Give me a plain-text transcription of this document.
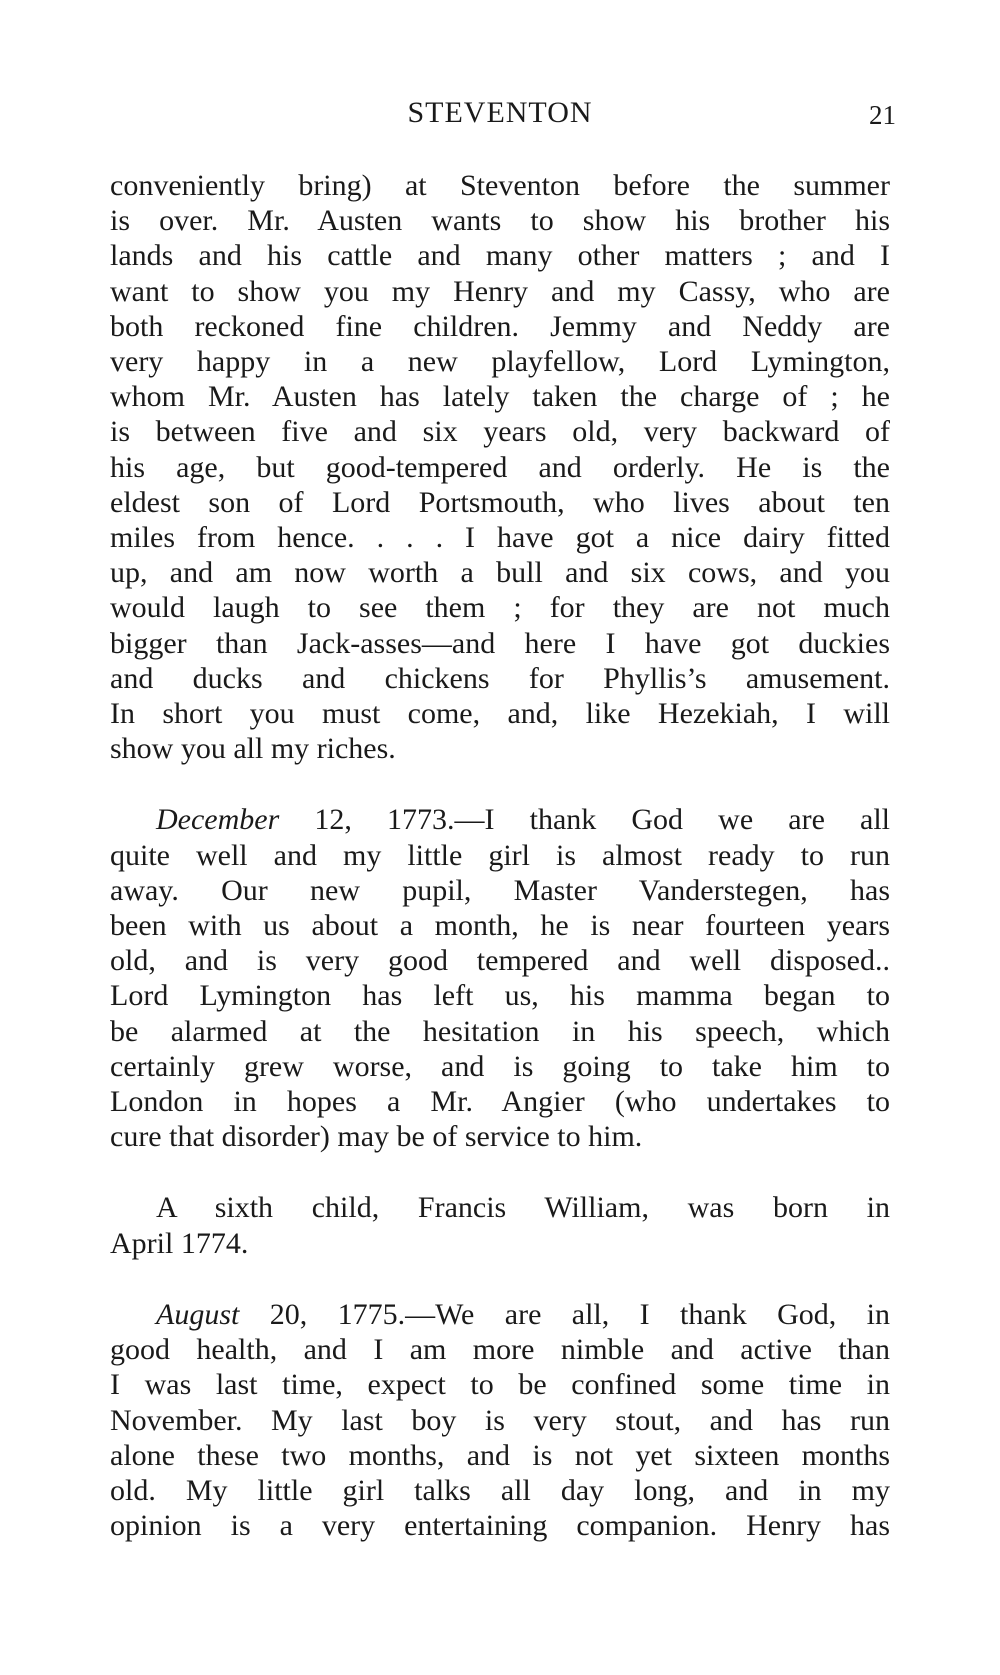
STEVENTON	21

conveniently bring) at Steventon before the summer
is over. Mr. Austen wants to show his brother his
lands and his cattle and many other matters ; and I
want to show you my Henry and my Cassy, who are
both reckoned fine children. Jemmy and Neddy are
very happy in a new playfellow, Lord Lymington,
whom Mr. Austen has lately taken the charge of ; he
is between five and six years old, very backward of
his age, but good-tempered and orderly. He is the
eldest son of Lord Portsmouth, who lives about ten
miles from hence. . . . I have got a nice dairy fitted
up, and am now worth a bull and six cows, and you
would laugh to see them ; for they are not much
bigger than Jack-asses—and here I have got duckies
and ducks and chickens for Phyllis’s amusement.
In short you must come, and, like Hezekiah, I will
show you all my riches.

December 12, 1773.—I thank God we are all
quite well and my little girl is almost ready to run
away. Our new pupil, Master Vanderstegen, has
been with us about a month, he is near fourteen years
old, and is very good tempered and well disposed..
Lord Lymington has left us, his mamma began to
be alarmed at the hesitation in his speech, which
certainly grew worse, and is going to take him to
London in hopes a Mr. Angier (who undertakes to
cure that disorder) may be of service to him.

A sixth child, Francis William, was born in
April 1774.

August 20, 1775.—We are all, I thank God, in
good health, and I am more nimble and active than
I was last time, expect to be confined some time in
November. My last boy is very stout, and has run
alone these two months, and is not yet sixteen months
old. My little girl talks all day long, and in my
opinion is a very entertaining companion. Henry has
